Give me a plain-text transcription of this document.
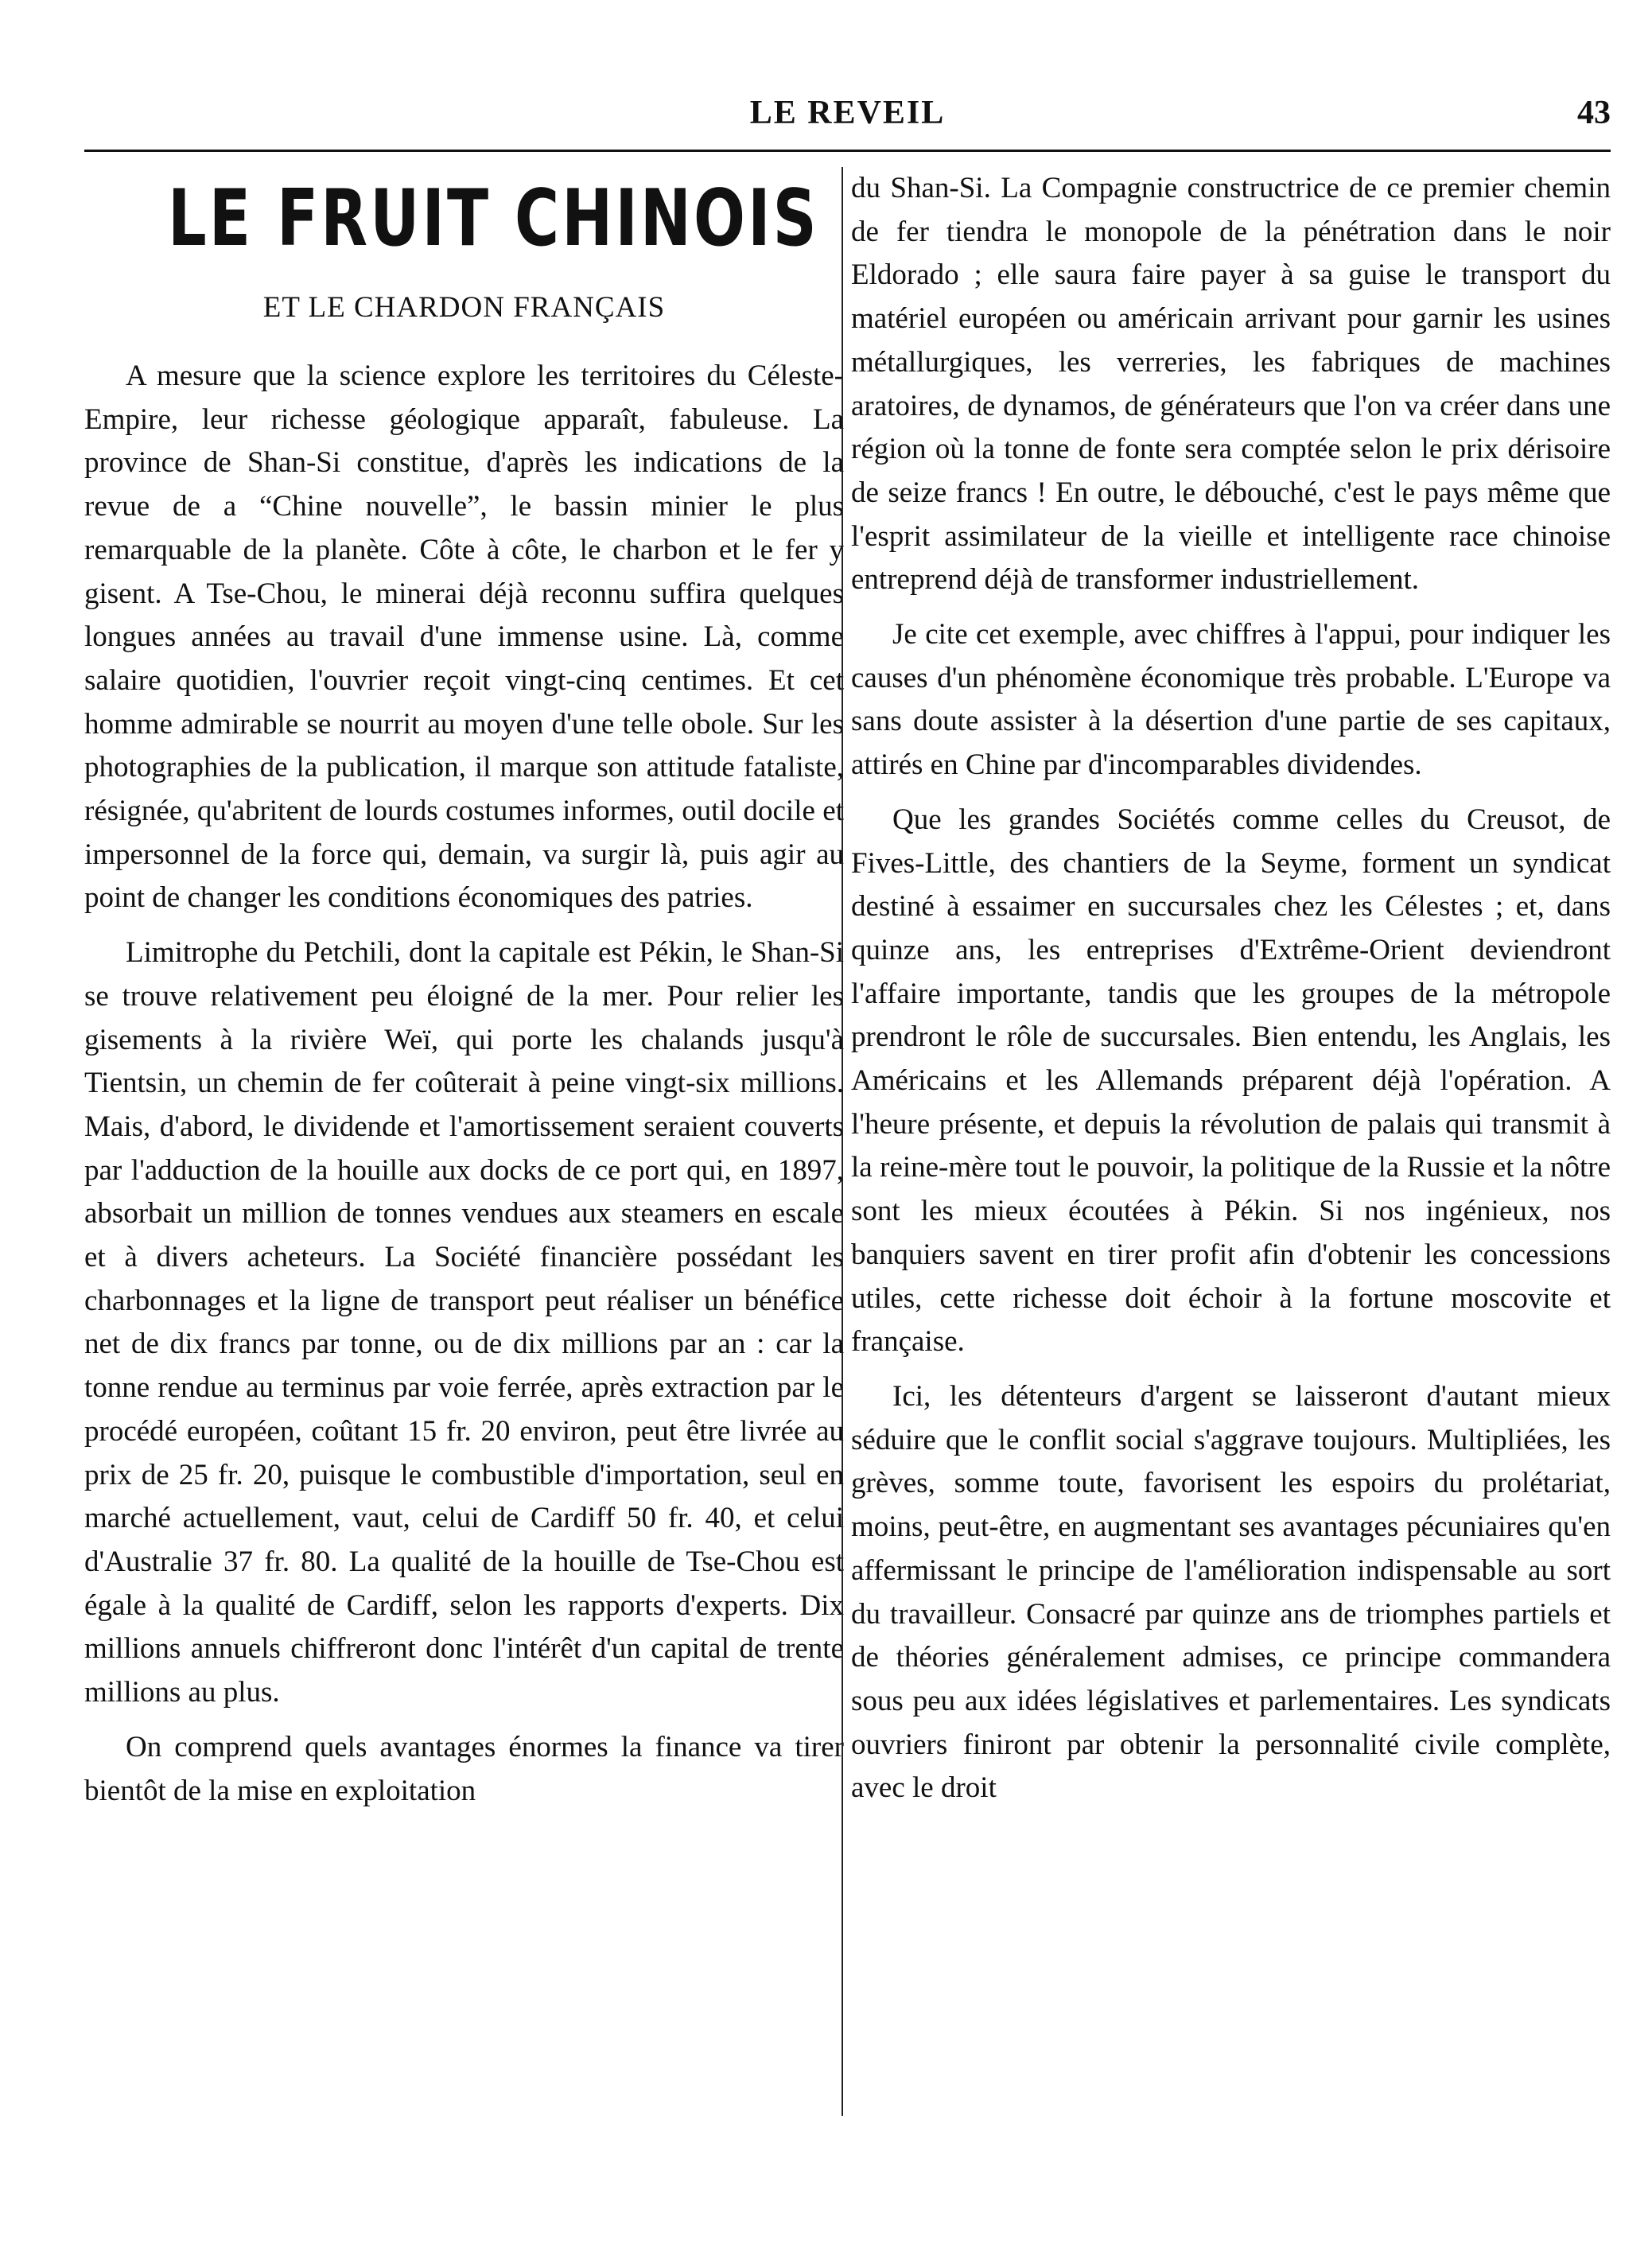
LE REVEIL	43
LE FRUIT CHINOIS
ET LE CHARDON FRANÇAIS

A mesure que la science explore les territoires du Céleste-Empire, leur richesse géologique apparaît, fabuleuse. La province de Shan-Si constitue, d'après les indications de la revue de a “Chine nouvelle”, le bassin minier le plus remarquable de la planète. Côte à côte, le charbon et le fer y gisent. A Tse-Chou, le minerai déjà reconnu suffira quelques longues années au travail d'une immense usine. Là, comme salaire quotidien, l'ouvrier reçoit vingt-cinq centimes. Et cet homme admirable se nourrit au moyen d'une telle obole. Sur les photographies de la publication, il marque son attitude fataliste, résignée, qu'abritent de lourds costumes informes, outil docile et impersonnel de la force qui, demain, va surgir là, puis agir au point de changer les conditions économiques des patries.

Limitrophe du Petchili, dont la capitale est Pékin, le Shan-Si se trouve relativement peu éloigné de la mer. Pour relier les gisements à la rivière Weï, qui porte les chalands jusqu'à Tientsin, un chemin de fer coûterait à peine vingt-six millions. Mais, d'abord, le dividende et l'amortissement seraient couverts par l'adduction de la houille aux docks de ce port qui, en 1897, absorbait un million de tonnes vendues aux steamers en escale et à divers acheteurs. La Société financière possédant les charbonnages et la ligne de transport peut réaliser un bénéfice net de dix francs par tonne, ou de dix millions par an : car la tonne rendue au terminus par voie ferrée, après extraction par le procédé européen, coûtant 15 fr. 20 environ, peut être livrée au prix de 25 fr. 20, puisque le combustible d'importation, seul en marché actuellement, vaut, celui de Cardiff 50 fr. 40, et celui d'Australie 37 fr. 80. La qualité de la houille de Tse-Chou est égale à la qualité de Cardiff, selon les rapports d'experts. Dix millions annuels chiffreront donc l'intérêt d'un capital de trente millions au plus.

On comprend quels avantages énormes la finance va tirer bientôt de la mise en exploitation

du Shan-Si. La Compagnie constructrice de ce premier chemin de fer tiendra le monopole de la pénétration dans le noir Eldorado ; elle saura faire payer à sa guise le transport du matériel européen ou américain arrivant pour garnir les usines métallurgiques, les verreries, les fabriques de machines aratoires, de dynamos, de générateurs que l'on va créer dans une région où la tonne de fonte sera comptée selon le prix dérisoire de seize francs ! En outre, le débouché, c'est le pays même que l'esprit assimilateur de la vieille et intelligente race chinoise entreprend déjà de transformer industriellement.

Je cite cet exemple, avec chiffres à l'appui, pour indiquer les causes d'un phénomène économique très probable. L'Europe va sans doute assister à la désertion d'une partie de ses capitaux, attirés en Chine par d'incomparables dividendes.

Que les grandes Sociétés comme celles du Creusot, de Fives-Little, des chantiers de la Seyme, forment un syndicat destiné à essaimer en succursales chez les Célestes ; et, dans quinze ans, les entreprises d'Extrême-Orient deviendront l'affaire importante, tandis que les groupes de la métropole prendront le rôle de succursales. Bien entendu, les Anglais, les Américains et les Allemands préparent déjà l'opération. A l'heure présente, et depuis la révolution de palais qui transmit à la reine-mère tout le pouvoir, la politique de la Russie et la nôtre sont les mieux écoutées à Pékin. Si nos ingénieux, nos banquiers savent en tirer profit afin d'obtenir les concessions utiles, cette richesse doit échoir à la fortune moscovite et française.

Ici, les détenteurs d'argent se laisseront d'autant mieux séduire que le conflit social s'aggrave toujours. Multipliées, les grèves, somme toute, favorisent les espoirs du prolétariat, moins, peut-être, en augmentant ses avantages pécuniaires qu'en affermissant le principe de l'amélioration indispensable au sort du travailleur. Consacré par quinze ans de triomphes partiels et de théories généralement admises, ce principe commandera sous peu aux idées législatives et parlementaires. Les syndicats ouvriers finiront par obtenir la personnalité civile complète, avec le droit
